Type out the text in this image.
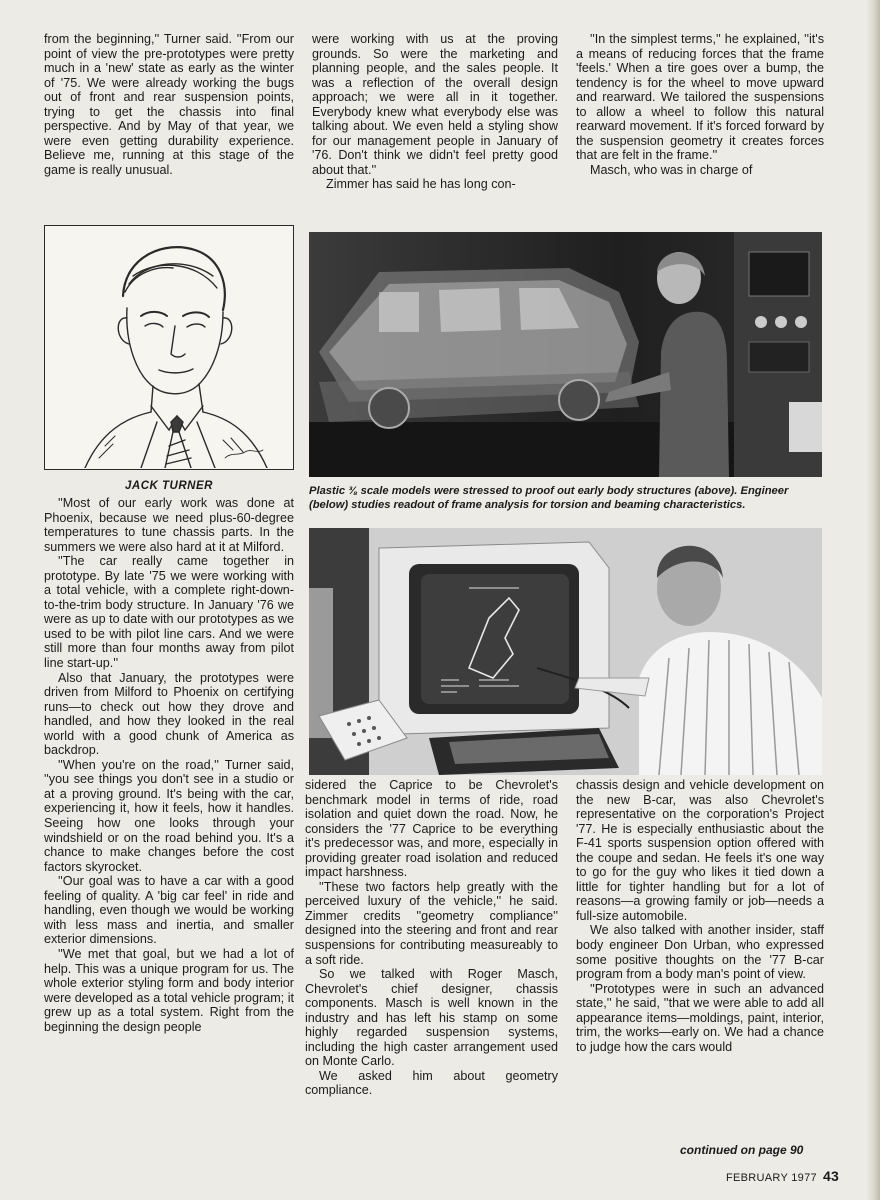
from the beginning,'' Turner said. ''From our point of view the pre-prototypes were pretty much in a 'new' state as early as the winter of '75. We were already working the bugs out of front and rear suspension points, trying to get the chassis into final perspective. And by May of that year, we were even getting durability experience. Believe me, running at this stage of the game is really unusual.

were working with us at the proving grounds. So were the marketing and planning people, and the sales people. It was a reflection of the overall design approach; we were all in it together. Everybody knew what everybody else was talking about. We even held a styling show for our management people in January of '76. Don't think we didn't feel pretty good about that.''

Zimmer has said he has long con-

''In the simplest terms,'' he explained, ''it's a means of reducing forces that the frame 'feels.' When a tire goes over a bump, the tendency is for the wheel to move upward and rearward. We tailored the suspensions to allow a wheel to follow this natural rearward movement. If it's forced forward by the suspension geometry it creates forces that are felt in the frame.''

Masch, who was in charge of

JACK TURNER	Plastic ⅜ scale models were stressed to proof out early body structures (above). Engineer (below) studies readout of frame analysis for torsion and beaming characteristics.

''Most of our early work was done at Phoenix, because we need plus-60-degree temperatures to tune chassis parts. In the summers we were also hard at it at Milford.

''The car really came together in prototype. By late '75 we were working with a total vehicle, with a complete right-down-to-the-trim body structure. In January '76 we were as up to date with our prototypes as we used to be with pilot line cars. And we were still more than four months away from pilot line start-up.''

Also that January, the prototypes were driven from Milford to Phoenix on certifying runs—to check out how they drove and handled, and how they looked in the real world with a good chunk of America as backdrop.

''When you're on the road,'' Turner said, ''you see things you don't see in a studio or at a proving ground. It's being with the car, experiencing it, how it feels, how it handles. Seeing how one looks through your windshield or on the road behind you. It's a chance to make changes before the cost factors skyrocket.

''Our goal was to have a car with a good feeling of quality. A 'big car feel' in ride and handling, even though we would be working with less mass and inertia, and smaller exterior dimensions.

''We met that goal, but we had a lot of help. This was a unique program for us. The whole exterior styling form and body interior were developed as a total vehicle program; it grew up as a total system. Right from the beginning the design people

sidered the Caprice to be Chevrolet's benchmark model in terms of ride, road isolation and quiet down the road. Now, he considers the '77 Caprice to be everything it's predecessor was, and more, especially in providing greater road isolation and reduced impact harshness.

''These two factors help greatly with the perceived luxury of the vehicle,'' he said. Zimmer credits ''geometry compliance'' designed into the steering and front and rear suspensions for contributing measureably to a soft ride.

So we talked with Roger Masch, Chevrolet's chief designer, chassis components. Masch is well known in the industry and has left his stamp on some highly regarded suspension systems, including the high caster arrangement used on Monte Carlo.

We asked him about geometry compliance.

chassis design and vehicle development on the new B-car, was also Chevrolet's representative on the corporation's Project '77. He is especially enthusiastic about the F-41 sports suspension option offered with the coupe and sedan. He feels it's one way to go for the guy who likes it tied down a little for tighter handling but for a lot of reasons—a growing family or job—needs a full-size automobile.

We also talked with another insider, staff body engineer Don Urban, who expressed some positive thoughts on the '77 B-car program from a body man's point of view.

''Prototypes were in such an advanced state,'' he said, ''that we were able to add all appearance items—moldings, paint, interior, trim, the works—early on. We had a chance to judge how the cars would

continued on page 90
FEBRUARY 1977 43
